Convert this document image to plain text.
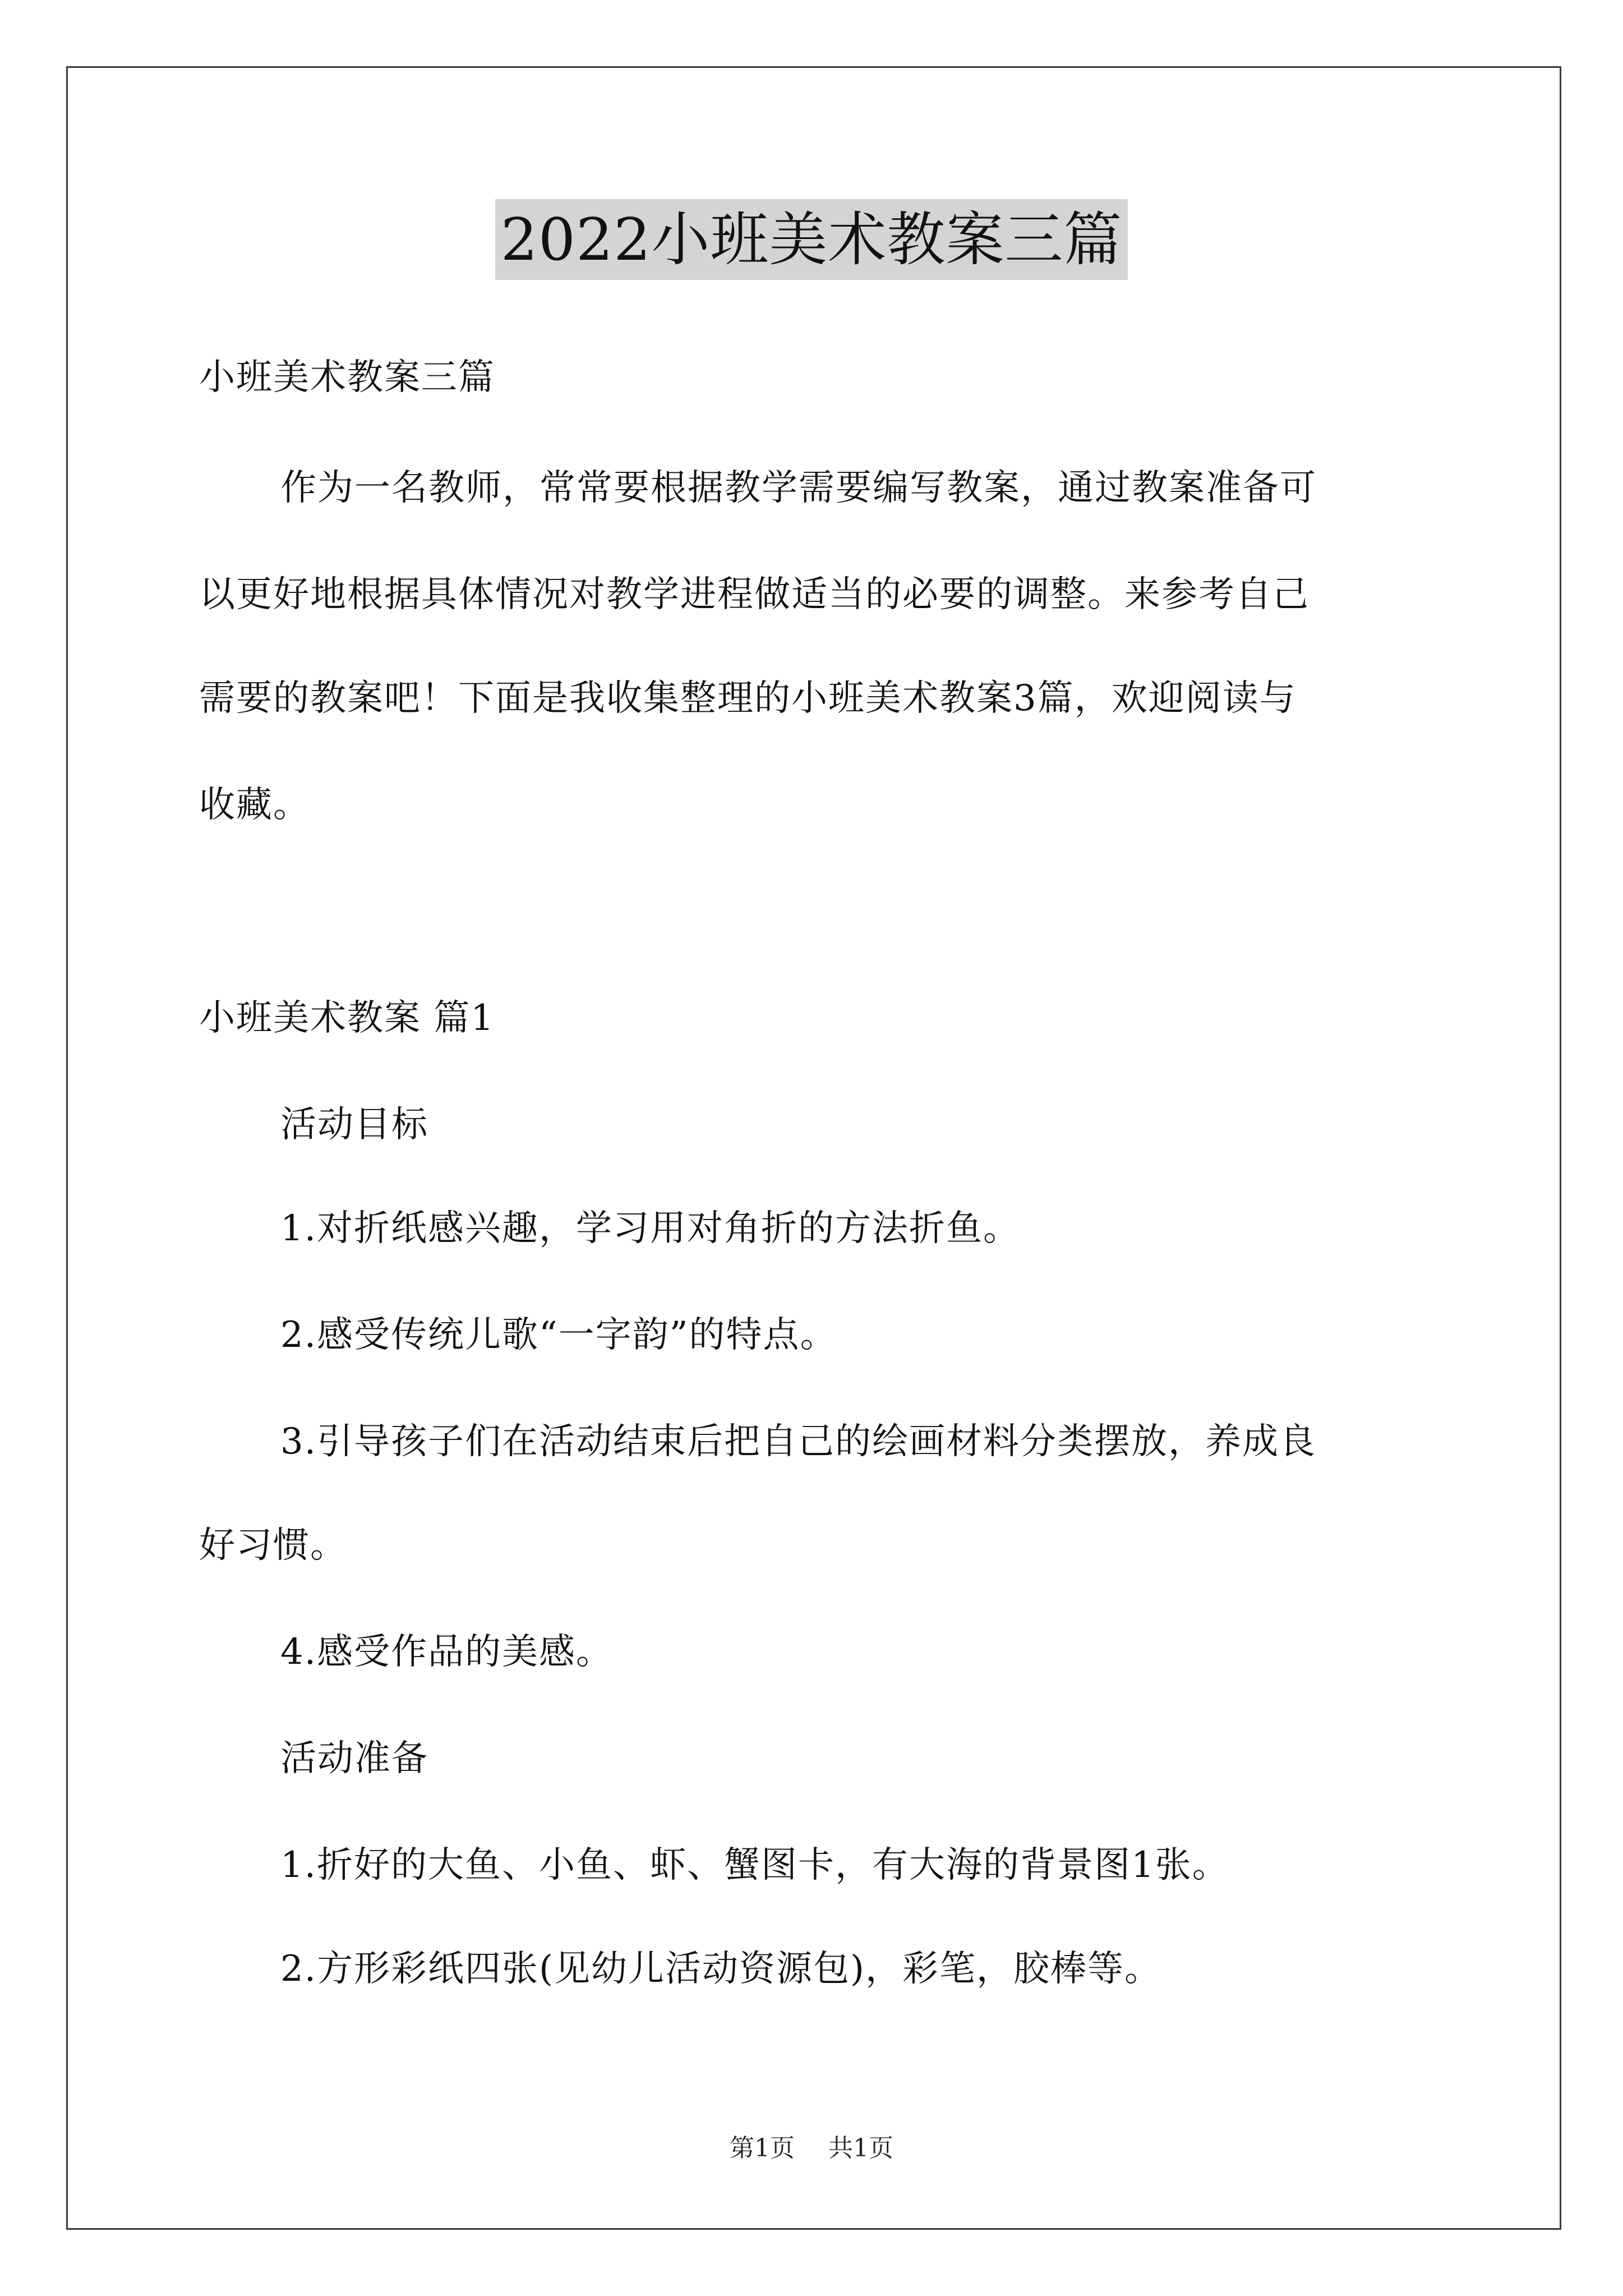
2022小班美术教案三篇
小班美术教案三篇
作为一名教师，常常要根据教学需要编写教案，通过教案准备可
以更好地根据具体情况对教学进程做适当的必要的调整。来参考自己
需要的教案吧！下面是我收集整理的小班美术教案3篇，欢迎阅读与
收藏。
小班美术教案 篇1
活动目标
1.对折纸感兴趣，学习用对角折的方法折鱼。
2.感受传统儿歌“一字韵”的特点。
3.引导孩子们在活动结束后把自己的绘画材料分类摆放，养成良
好习惯。
4.感受作品的美感。
活动准备
1.折好的大鱼、小鱼、虾、蟹图卡，有大海的背景图1张。
2.方形彩纸四张(见幼儿活动资源包)，彩笔，胶棒等。
第1页 共1页
